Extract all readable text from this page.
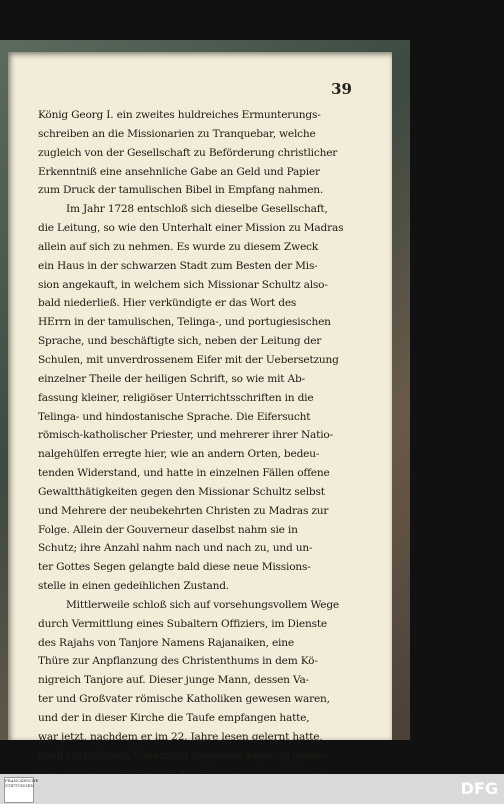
39
König Georg I. ein zweites huldreiches Ermunterungs-
schreiben an die Missionarien zu Tranquebar, welche
zugleich von der Gesellschaft zu Beförderung christlicher
Erkenntniß eine ansehnliche Gabe an Geld und Papier
zum Druck der tamulischen Bibel in Empfang nahmen.
Im Jahr 1728 entschloß sich dieselbe Gesellschaft,
die Leitung, so wie den Unterhalt einer Mission zu Madras
allein auf sich zu nehmen. Es wurde zu diesem Zweck
ein Haus in der schwarzen Stadt zum Besten der Mis-
sion angekauft, in welchem sich Missionar Schultz also-
bald niederließ. Hier verkündigte er das Wort des
HErrn in der tamulischen, Telinga-, und portugiesischen
Sprache, und beschäftigte sich, neben der Leitung der
Schulen, mit unverdrossenem Eifer mit der Uebersetzung
einzelner Theile der heiligen Schrift, so wie mit Ab-
fassung kleiner, religiöser Unterrichtsschriften in die
Telinga- und hindostanische Sprache. Die Eifersucht
römisch-katholischer Priester, und mehrerer ihrer Natio-
nalgehülfen erregte hier, wie an andern Orten, bedeu-
tenden Widerstand, und hatte in einzelnen Fällen offene
Gewaltthätigkeiten gegen den Missionar Schultz selbst
und Mehrere der neubekehrten Christen zu Madras zur
Folge. Allein der Gouverneur daselbst nahm sie in
Schutz; ihre Anzahl nahm nach und nach zu, und un-
ter Gottes Segen gelangte bald diese neue Missions-
stelle in einen gedeihlichen Zustand.
Mittlerweile schloß sich auf vorsehungsvollem Wege
durch Vermittlung eines Subaltern Offiziers, im Dienste
des Rajahs von Tanjore Namens Rajanaiken, eine
Thüre zur Anpflanzung des Christenthums in dem Kö-
nigreich Tanjore auf. Dieser junge Mann, dessen Va-
ter und Großvater römische Katholiken gewesen waren,
und der in dieser Kirche die Taufe empfangen hatte,
war jetzt, nachdem er im 22. Jahre lesen gelernt hatte,
nach christlichem Unterricht ungemein begierig gewor-
FRANCKESCHE STIFTUNGEN	DFG
